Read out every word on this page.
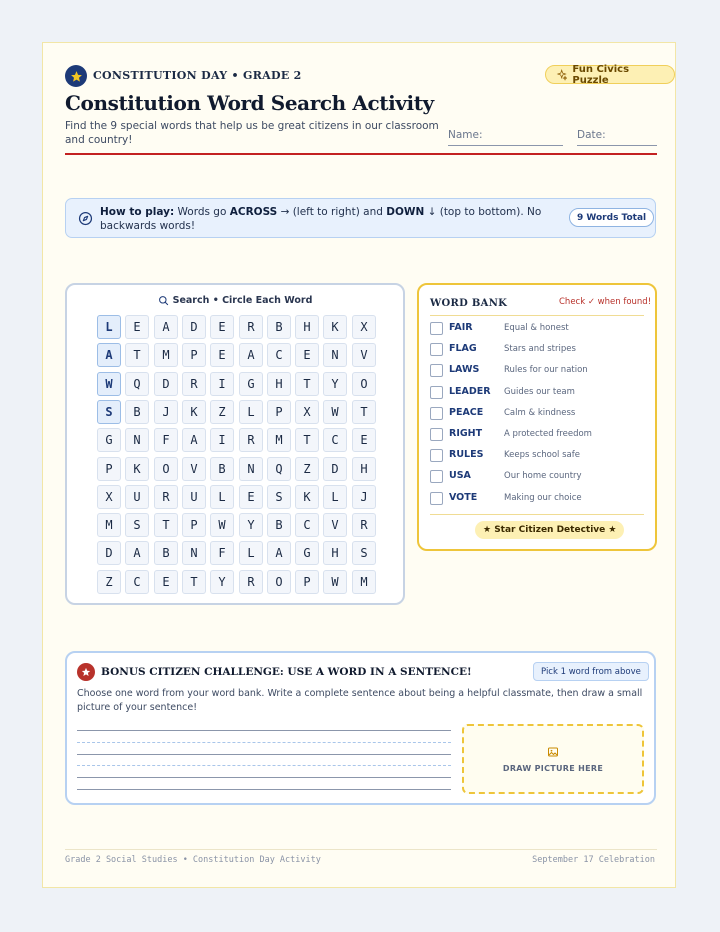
CONSTITUTION DAY • GRADE 2	Fun Civics Puzzle
Constitution Word Search Activity
Find the 9 special words that help us be great citizens in our classroom and country!	Name:	Date:
How to play: Words go ACROSS → (left to right) and DOWN ↓ (top to bottom). No backwards words!
9 Words Total
Search • Circle Each Word
L	E	A	D	E	R	B	H	K	X
A	T	M	P	E	A	C	E	N	V
W	Q	D	R	I	G	H	T	Y	O
S	B	J	K	Z	L	P	X	W	T
G	N	F	A	I	R	M	T	C	E
P	K	O	V	B	N	Q	Z	D	H
X	U	R	U	L	E	S	K	L	J
M	S	T	P	W	Y	B	C	V	R
D	A	B	N	F	L	A	G	H	S
Z	C	E	T	Y	R	O	P	W	M
WORD BANK	Check ✓ when found!
FAIR	Equal & honest
FLAG	Stars and stripes
LAWS	Rules for our nation
LEADER Guides our team
PEACE Calm & kindness
RIGHT	A protected freedom
RULES Keeps school safe
USA	Our home country
VOTE	Making our choice
★ Star Citizen Detective ★
BONUS CITIZEN CHALLENGE: USE A WORD IN A SENTENCE!	Pick 1 word from above
Choose one word from your word bank. Write a complete sentence about being a helpful classmate, then draw a small picture of your sentence!
DRAW PICTURE HERE
Grade 2 Social Studies • Constitution Day Activity	September 17 Celebration
